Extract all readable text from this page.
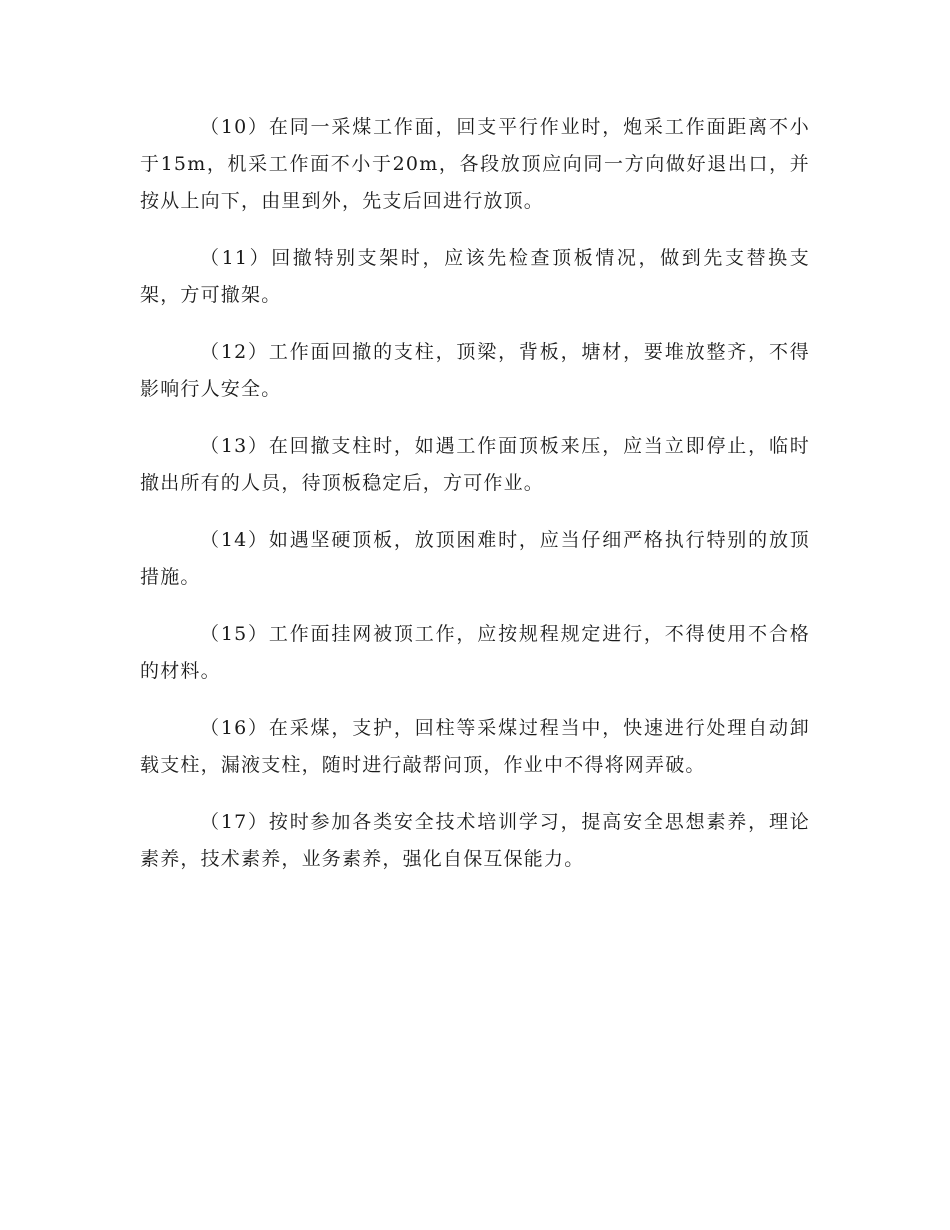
（10）在同一采煤工作面，回支平行作业时，炮采工作面距离不小于15m，机采工作面不小于20m，各段放顶应向同一方向做好退出口，并按从上向下，由里到外，先支后回进行放顶。

（11）回撤特别支架时，应该先检查顶板情况，做到先支替换支架，方可撤架。

（12）工作面回撤的支柱，顶梁，背板，塘材，要堆放整齐，不得影响行人安全。

（13）在回撤支柱时，如遇工作面顶板来压，应当立即停止，临时撤出所有的人员，待顶板稳定后，方可作业。

（14）如遇坚硬顶板，放顶困难时，应当仔细严格执行特别的放顶措施。

（15）工作面挂网被顶工作，应按规程规定进行，不得使用不合格的材料。

（16）在采煤，支护，回柱等采煤过程当中，快速进行处理自动卸载支柱，漏液支柱，随时进行敲帮问顶，作业中不得将网弄破。

（17）按时参加各类安全技术培训学习，提高安全思想素养，理论素养，技术素养，业务素养，强化自保互保能力。
